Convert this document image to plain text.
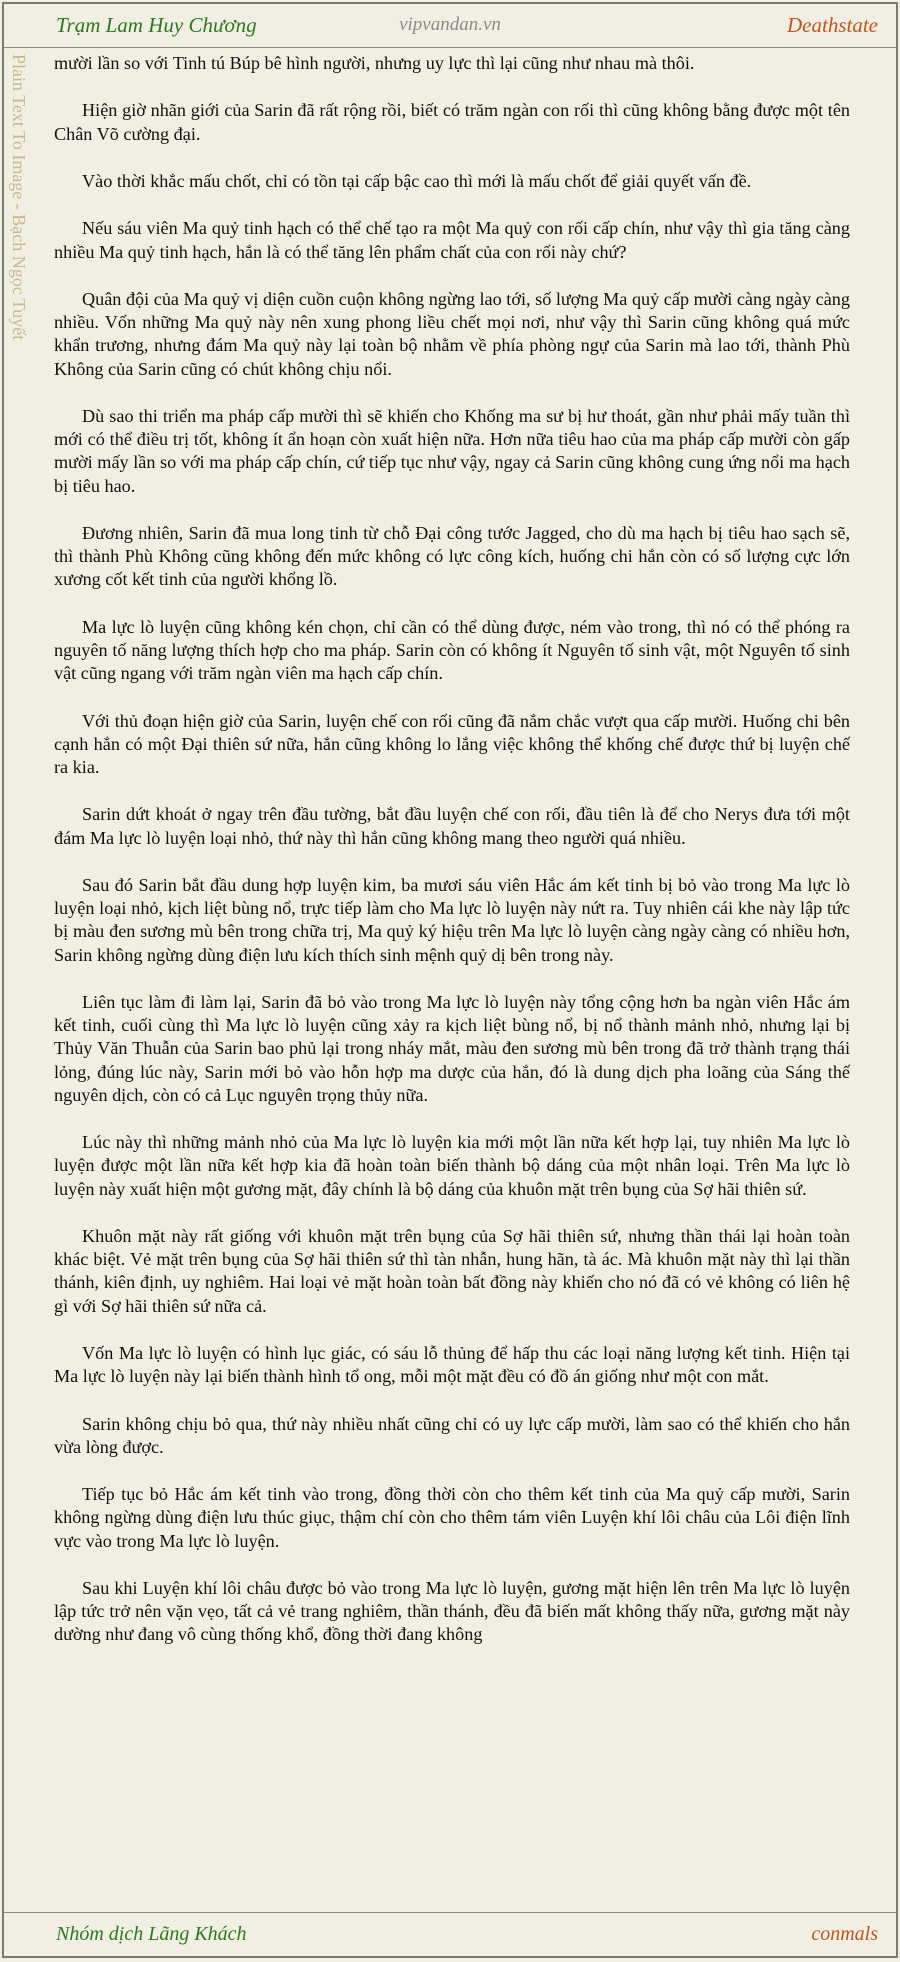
Trạm Lam Huy Chương	vipvandan.vn	Deathstate
Plain Text To Image - Bạch Ngọc Tuyết mười lần so với Tinh tú Búp bê hình người, nhưng uy lực thì lại cũng như nhau mà thôi.

Hiện giờ nhãn giới của Sarin đã rất rộng rồi, biết có trăm ngàn con rối thì cũng không bằng được một tên Chân Võ cường đại.

Vào thời khắc mấu chốt, chỉ có tồn tại cấp bậc cao thì mới là mấu chốt để giải quyết vấn đề.

Nếu sáu viên Ma quỷ tinh hạch có thể chế tạo ra một Ma quỷ con rối cấp chín, như vậy thì gia tăng càng nhiều Ma quỷ tinh hạch, hắn là có thể tăng lên phẩm chất của con rối này chứ?

Quân đội của Ma quỷ vị diện cuồn cuộn không ngừng lao tới, số lượng Ma quỷ cấp mười càng ngày càng nhiều. Vốn những Ma quỷ này nên xung phong liều chết mọi nơi, như vậy thì Sarin cũng không quá mức khẩn trương, nhưng đám Ma quỷ này lại toàn bộ nhằm về phía phòng ngự của Sarin mà lao tới, thành Phù Không của Sarin cũng có chút không chịu nổi.

Dù sao thi triển ma pháp cấp mười thì sẽ khiến cho Khống ma sư bị hư thoát, gần như phải mấy tuần thì mới có thể điều trị tốt, không ít ẩn hoạn còn xuất hiện nữa. Hơn nữa tiêu hao của ma pháp cấp mười còn gấp mười mấy lần so với ma pháp cấp chín, cứ tiếp tục như vậy, ngay cả Sarin cũng không cung ứng nổi ma hạch bị tiêu hao.

Đương nhiên, Sarin đã mua long tinh từ chỗ Đại công tước Jagged, cho dù ma hạch bị tiêu hao sạch sẽ, thì thành Phù Không cũng không đến mức không có lực công kích, huống chi hắn còn có số lượng cực lớn xương cốt kết tinh của người khổng lồ.

Ma lực lò luyện cũng không kén chọn, chỉ cần có thể dùng được, ném vào trong, thì nó có thể phóng ra nguyên tố năng lượng thích hợp cho ma pháp. Sarin còn có không ít Nguyên tố sinh vật, một Nguyên tố sinh vật cũng ngang với trăm ngàn viên ma hạch cấp chín.

Với thủ đoạn hiện giờ của Sarin, luyện chế con rối cũng đã nắm chắc vượt qua cấp mười. Huống chi bên cạnh hắn có một Đại thiên sứ nữa, hắn cũng không lo lắng việc không thể khống chế được thứ bị luyện chế ra kia.

Sarin dứt khoát ở ngay trên đầu tường, bắt đầu luyện chế con rối, đầu tiên là để cho Nerys đưa tới một đám Ma lực lò luyện loại nhỏ, thứ này thì hắn cũng không mang theo người quá nhiều.

Sau đó Sarin bắt đầu dung hợp luyện kim, ba mươi sáu viên Hắc ám kết tinh bị bỏ vào trong Ma lực lò luyện loại nhỏ, kịch liệt bùng nổ, trực tiếp làm cho Ma lực lò luyện này nứt ra. Tuy nhiên cái khe này lập tức bị màu đen sương mù bên trong chữa trị, Ma quỷ ký hiệu trên Ma lực lò luyện càng ngày càng có nhiều hơn, Sarin không ngừng dùng điện lưu kích thích sinh mệnh quỷ dị bên trong này.

Liên tục làm đi làm lại, Sarin đã bỏ vào trong Ma lực lò luyện này tổng cộng hơn ba ngàn viên Hắc ám kết tinh, cuối cùng thì Ma lực lò luyện cũng xảy ra kịch liệt bùng nổ, bị nổ thành mảnh nhỏ, nhưng lại bị Thủy Văn Thuẫn của Sarin bao phủ lại trong nháy mắt, màu đen sương mù bên trong đã trở thành trạng thái lỏng, đúng lúc này, Sarin mới bỏ vào hỗn hợp ma dược của hắn, đó là dung dịch pha loãng của Sáng thế nguyên dịch, còn có cả Lục nguyên trọng thủy nữa.

Lúc này thì những mảnh nhỏ của Ma lực lò luyện kia mới một lần nữa kết hợp lại, tuy nhiên Ma lực lò luyện được một lần nữa kết hợp kia đã hoàn toàn biến thành bộ dáng của một nhân loại. Trên Ma lực lò luyện này xuất hiện một gương mặt, đây chính là bộ dáng của khuôn mặt trên bụng của Sợ hãi thiên sứ.

Khuôn mặt này rất giống với khuôn mặt trên bụng của Sợ hãi thiên sứ, nhưng thần thái lại hoàn toàn khác biệt. Vẻ mặt trên bụng của Sợ hãi thiên sứ thì tàn nhẫn, hung hãn, tà ác. Mà khuôn mặt này thì lại thần thánh, kiên định, uy nghiêm. Hai loại vẻ mặt hoàn toàn bất đồng này khiến cho nó đã có vẻ không có liên hệ gì với Sợ hãi thiên sứ nữa cả.

Vốn Ma lực lò luyện có hình lục giác, có sáu lỗ thủng để hấp thu các loại năng lượng kết tinh. Hiện tại Ma lực lò luyện này lại biến thành hình tổ ong, mỗi một mặt đều có đồ án giống như một con mắt.

Sarin không chịu bỏ qua, thứ này nhiều nhất cũng chỉ có uy lực cấp mười, làm sao có thể khiến cho hắn vừa lòng được.

Tiếp tục bỏ Hắc ám kết tinh vào trong, đồng thời còn cho thêm kết tinh của Ma quỷ cấp mười, Sarin không ngừng dùng điện lưu thúc giục, thậm chí còn cho thêm tám viên Luyện khí lôi châu của Lôi điện lĩnh vực vào trong Ma lực lò luyện.

Sau khi Luyện khí lôi châu được bỏ vào trong Ma lực lò luyện, gương mặt hiện lên trên Ma lực lò luyện lập tức trở nên vặn vẹo, tất cả vẻ trang nghiêm, thần thánh, đều đã biến mất không thấy nữa, gương mặt này dường như đang vô cùng thống khổ, đồng thời đang không

Nhóm dịch Lãng Khách	conmals
